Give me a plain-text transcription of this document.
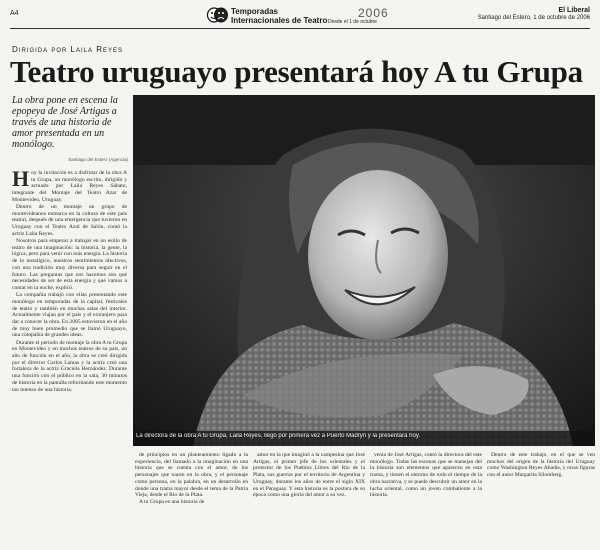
A4	Temporadas
Internacionales de Teatro Desde el 1 de octubre
2006	El Liberal
Santiago del Estero, 1 de octubre de 2006
Dirigida por Laila Reyes
Teatro uruguayo presentará hoy A tu Grupa
La obra pone en escena la epopeya de José Artigas a través de una historia de amor presentada en un monólogo.
Santiago del Estero (Agencia)

Hoy la invitación es a disfrutar de la obra A tu Grupa, un monólogo escrito, dirigido y actuado por Laila Reyes Sábato, integrante del Montaje del Teatro Azar de Montevideo, Uruguay.

Dentro de un montaje un grupo de montevideanos enmarca en la cultura de este país teatral, después de una emergencia que tuvieron en Uruguay con el Teatro Azul de Salón, contó la actriz Laila Reyes.

Nosotros para empezar a trabajar en un estilo de teatro de una imaginación: la historia, la gente, la lógica, pero para venir con más energía. La historia de lo nostálgico, nuestros sentimientos afectivos, con una tradición muy diversa para seguir en el futuro. Las preguntas que nos hacemos son qué necesidades de ser de esta energía y qué vamos a contar en la noche, explicó.

La compañía trabajó con ellas presentando este monólogo en temporadas de la capital, festivales de teatro y también en muchas salas del interior. Actualmente viajan por el país y el extranjero para dar a conocer la obra. En 2005 estuvieron en el año de muy buen promedio que se llamó Uruguayo, una compañía de grandes ideas.

Durante el período de montaje la obra A tu Grupa en Montevideo y en muchos teatros de su país, un año de función en el año, la obra se creó dirigida por el director Carlos Lamas y la actriz creó una fortaleza de la actriz Graciela Hernández. Durante una función con el público en la sala, 30 minutos de historia en la pantalla reformando este momento tan intenso de una historia.

La directora de la obra A tu Grupa, Laila Reyes, llegó por primera vez a Puerto Madryn y la presentará hoy.

de principios en un planteamiento ligado a la experiencia, del llamado a la imaginación en una historia que se cuenta con el amor, de los personajes que nacen en la obra, y el personaje como persona, en la palabra, en un desarrollo en donde una trama mayor desde el tema de la Patria Vieja, desde el Río de la Plata.

A tu Grupa es una historia de

amor en la que imaginó a la campesina que José Artigas, el primer jefe de los orientales y el protector de los Pueblos Libres del Río de la Plata, sus guerras por el territorio de Argentina y Uruguay, durante los años de entre el siglo XIX en el Paraguay. Y esta historia es la postura de su época como una gloria del amor a su vez.

venta de José Artigas, contó la directora del este monólogo. Todas las escenas que se manejan del la historia son elementos que aparecen en esta trama, y tienen el entorno de todo el tiempo de la obra narrativa, y se puede descubrir un amor en la lucha oriental, como un joven combatiente a la historia.

Dentro de este trabajo, en el que se ven muchos del origen de la historia del Uruguay como Washington Reyes Abadie, y otras figuras con el autor Margarita Silomberg.
